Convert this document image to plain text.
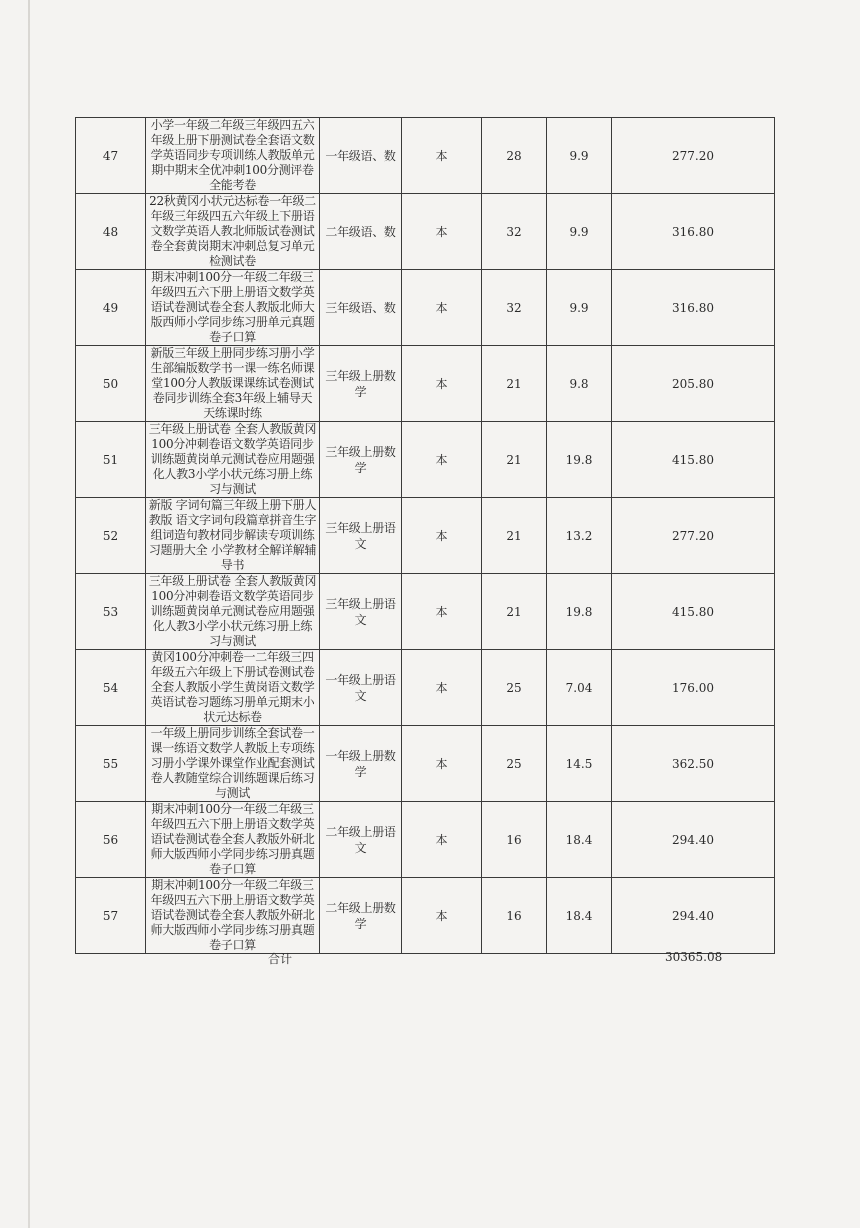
47	小学一年级二年级三年级四五六年级上册下册测试卷全套语文数学英语同步专项训练人教版单元期中期末全优冲刺100分测评卷全能考卷	一年级语、数	本	28	9.9	277.20
48	22秋黄冈小状元达标卷一年级二年级三年级四五六年级上下册语文数学英语人教北师版试卷测试卷全套黄岗期末冲刺总复习单元检测试卷	二年级语、数	本	32	9.9	316.80
49	期末冲刺100分一年级二年级三年级四五六下册上册语文数学英语试卷测试卷全套人教版北师大版西师小学同步练习册单元真题卷子口算	三年级语、数	本	32	9.9	316.80
50	新版三年级上册同步练习册小学生部编版数学书一课一练名师课堂100分人教版课课练试卷测试卷同步训练全套3年级上辅导天天练课时练	三年级上册数学	本	21	9.8	205.80
51	三年级上册试卷 全套人教版黄冈100分冲刺卷语文数学英语同步训练题黄岗单元测试卷应用题强化人教3小学小状元练习册上练习与测试	三年级上册数学	本	21	19.8	415.80
52	新版 字词句篇三年级上册下册人教版 语文字词句段篇章拼音生字组词造句教材同步解读专项训练习题册大全 小学教材全解详解辅导书	三年级上册语文	本	21	13.2	277.20
53	三年级上册试卷 全套人教版黄冈100分冲刺卷语文数学英语同步训练题黄岗单元测试卷应用题强化人教3小学小状元练习册上练习与测试	三年级上册语文	本	21	19.8	415.80
54	黄冈100分冲刺卷一二年级三四年级五六年级上下册试卷测试卷全套人教版小学生黄岗语文数学英语试卷习题练习册单元期末小状元达标卷	一年级上册语文	本	25	7.04	176.00
55	一年级上册同步训练全套试卷一课一练语文数学人教版上专项练习册小学课外课堂作业配套测试卷人教随堂综合训练题课后练习与测试	一年级上册数学	本	25	14.5	362.50
56	期末冲刺100分一年级二年级三年级四五六下册上册语文数学英语试卷测试卷全套人教版外研北师大版西师小学同步练习册真题卷子口算	二年级上册语文	本	16	18.4	294.40
57	期末冲刺100分一年级二年级三年级四五六下册上册语文数学英语试卷测试卷全套人教版外研北师大版西师小学同步练习册真题卷子口算	二年级上册数学	本	16	18.4	294.40
合计	30365.08
